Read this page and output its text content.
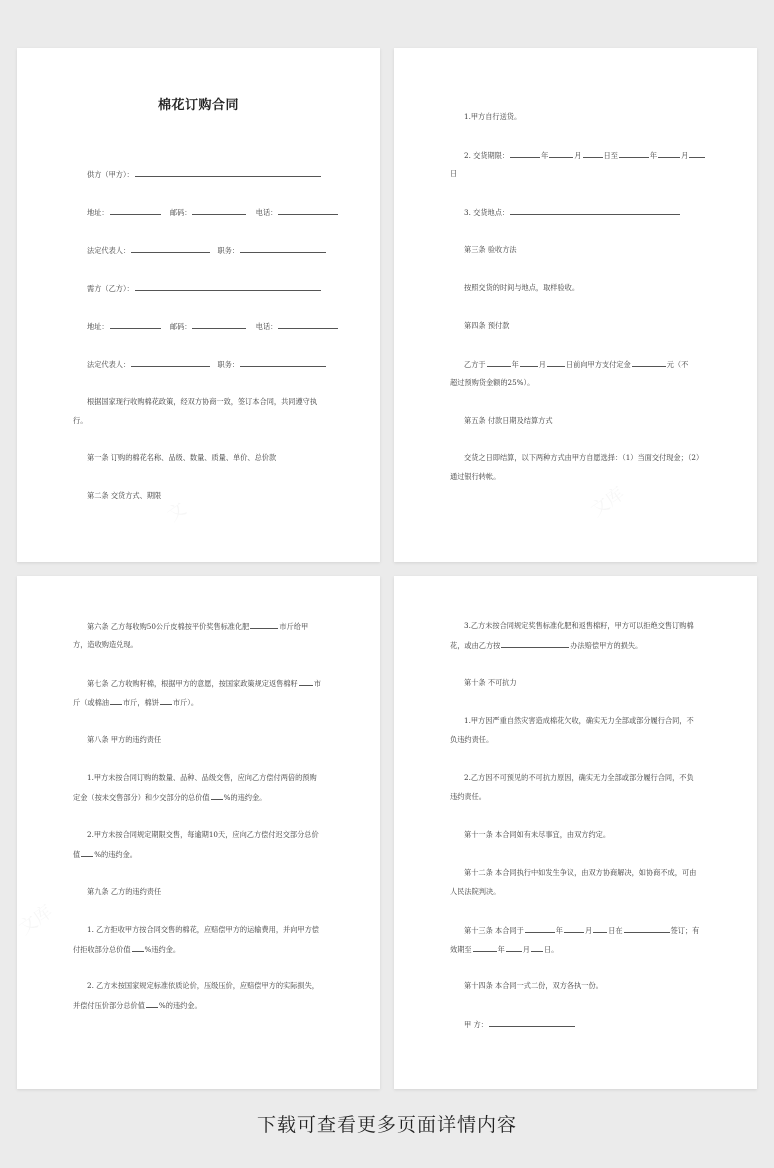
棉花订购合同
供方（甲方）：
地址：	邮码：	电话：
法定代表人：	职务：
需方（乙方）：
地址：	邮码：	电话：
法定代表人：	职务：
根据国家现行收购棉花政策，经双方协商一致，签订本合同，共同遵守执
行。
第一条 订购的棉花名称、品级、数量、质量、单价、总价款
第二条 交货方式、期限
1.甲方自行送货。
2. 交货期限：	年	月	日至	年	月
日
3. 交货地点：
第三条 验收方法
按照交货的时间与地点，取样验收。
第四条 预付款
乙方于	年	月	日前向甲方支付定金	元（不
超过预购货金额的25%）。
第五条 付款日期及结算方式
交货之日即结算，以下两种方式由甲方自愿选择：（1）当面交付现金；（2）
通过银行转帐。
第六条 乙方每收购50公斤皮棉按平价奖售标准化肥	市斤给甲
方，造收购造兑现。
第七条 乙方收购籽棉，根据甲方的意愿，按国家政策规定返售棉籽 市
斤（或棉油 市斤，棉饼 市斤）。
第八条 甲方的违约责任
1.甲方未按合同订购的数量、品种、品级交售，应向乙方偿付两倍的预购
定金（按未交售部分）和少交部分的总价值 %的违约金。
2.甲方未按合同规定期限交售，每逾期10天，应向乙方偿付迟交部分总价
值 %的违约金。
第九条 乙方的违约责任
1. 乙方拒收甲方按合同交售的棉花，应赔偿甲方的运输费用，并向甲方偿
付拒收部分总价值 %违约金。
2. 乙方未按国家规定标准依质论价，压级压价，应赔偿甲方的实际损失，
并偿付压价部分总价值 %的违约金。
3.乙方未按合同规定奖售标准化肥和返售棉籽，甲方可以拒绝交售订购棉
花，或由乙方按	办法赔偿甲方的损失。
第十条 不可抗力
1.甲方因严重自然灾害造成棉花欠收，确实无力全部或部分履行合同，不
负违约责任。
2.乙方因不可预见的不可抗力原因，确实无力全部或部分履行合同，不负
违约责任。
第十一条 本合同如有未尽事宜，由双方约定。
第十二条 本合同执行中如发生争议，由双方协商解决，如协商不成，可由
人民法院判决。
第十三条 本合同于	年	月 日在	签订；有
效期至	年	月 日。
第十四条 本合同一式二份，双方各执一份。
甲 方：
下载可查看更多页面详情内容
